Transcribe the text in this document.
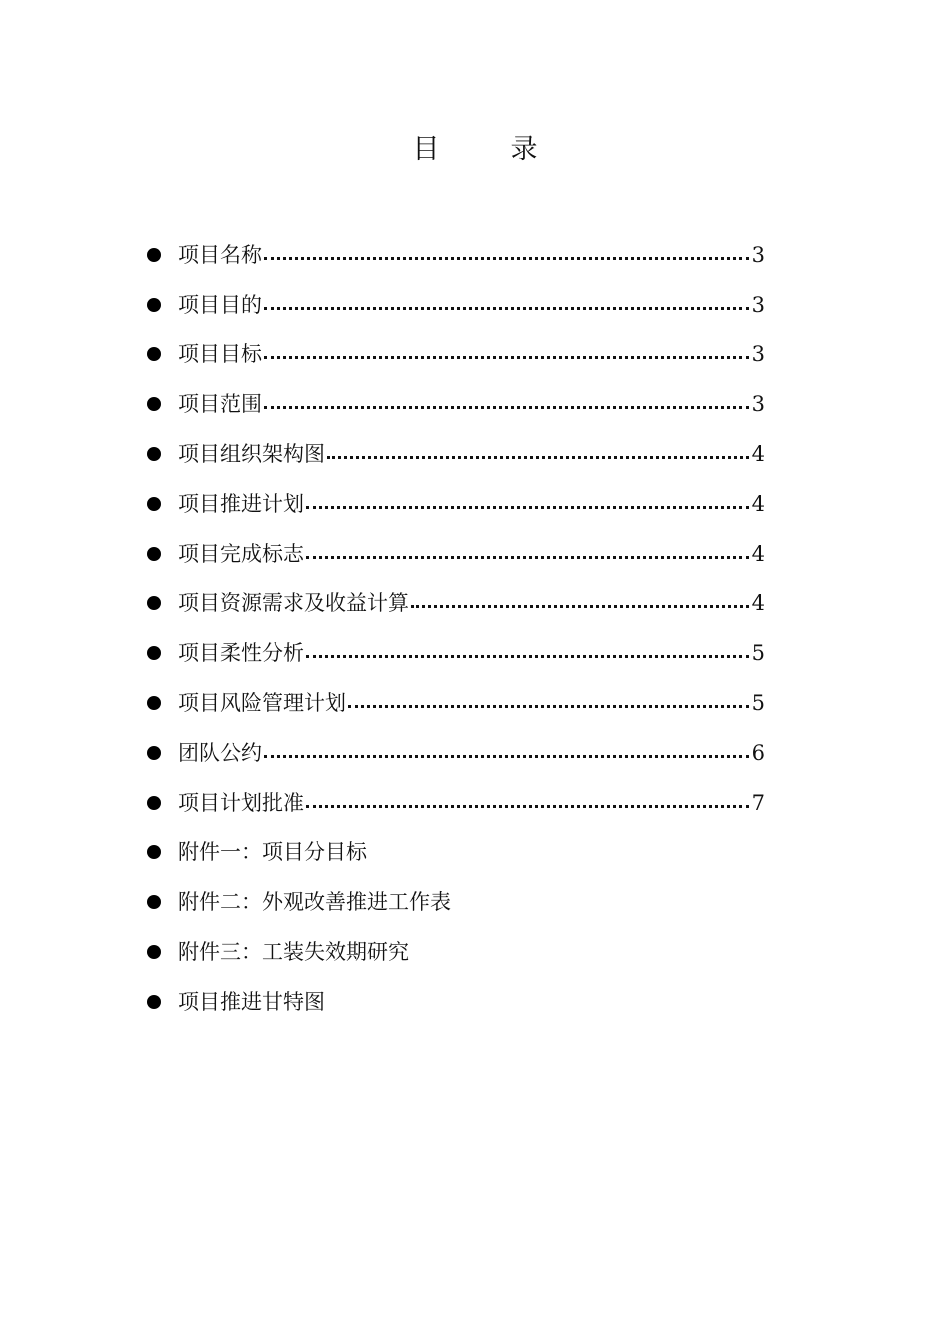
目　录
项目名称	3
项目目的	3
项目目标	3
项目范围	3
项目组织架构图	4
项目推进计划	4
项目完成标志	4
项目资源需求及收益计算	4
项目柔性分析	5
项目风险管理计划	5
团队公约	6
项目计划批准	7
附件一：项目分目标
附件二：外观改善推进工作表
附件三：工装失效期研究
项目推进甘特图
